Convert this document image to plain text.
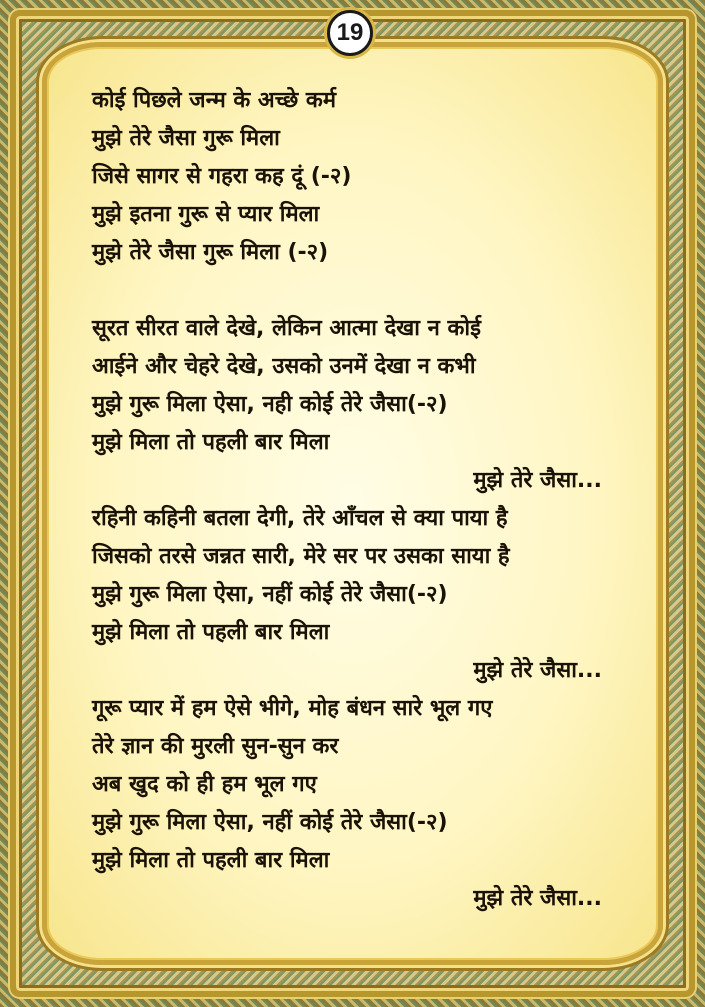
19
कोई पिछले जन्म के अच्छे कर्म
मुझे तेरे जैसा गुरू मिला
जिसे सागर से गहरा कह दूं (-२)
मुझे इतना गुरू से प्यार मिला
मुझे तेरे जैसा गुरू मिला (-२)
सूरत सीरत वाले देखे, लेकिन आत्मा देखा न कोई
आईने और चेहरे देखे, उसको उनमें देखा न कभी
मुझे गुरू मिला ऐसा, नही कोई तेरे जैसा(-२)
मुझे मिला तो पहली बार मिला
मुझे तेरे जैसा...
रहिनी कहिनी बतला देगी, तेरे आँचल से क्या पाया है
जिसको तरसे जन्नत सारी, मेरे सर पर उसका साया है
मुझे गुरू मिला ऐसा, नहीं कोई तेरे जैसा(-२)
मुझे मिला तो पहली बार मिला
मुझे तेरे जैसा...
गूरू प्यार में हम ऐसे भीगे, मोह बंधन सारे भूल गए
तेरे ज्ञान की मुरली सुन-सुन कर
अब खुद को ही हम भूल गए
मुझे गुरू मिला ऐसा, नहीं कोई तेरे जैसा(-२)
मुझे मिला तो पहली बार मिला
मुझे तेरे जैसा...
